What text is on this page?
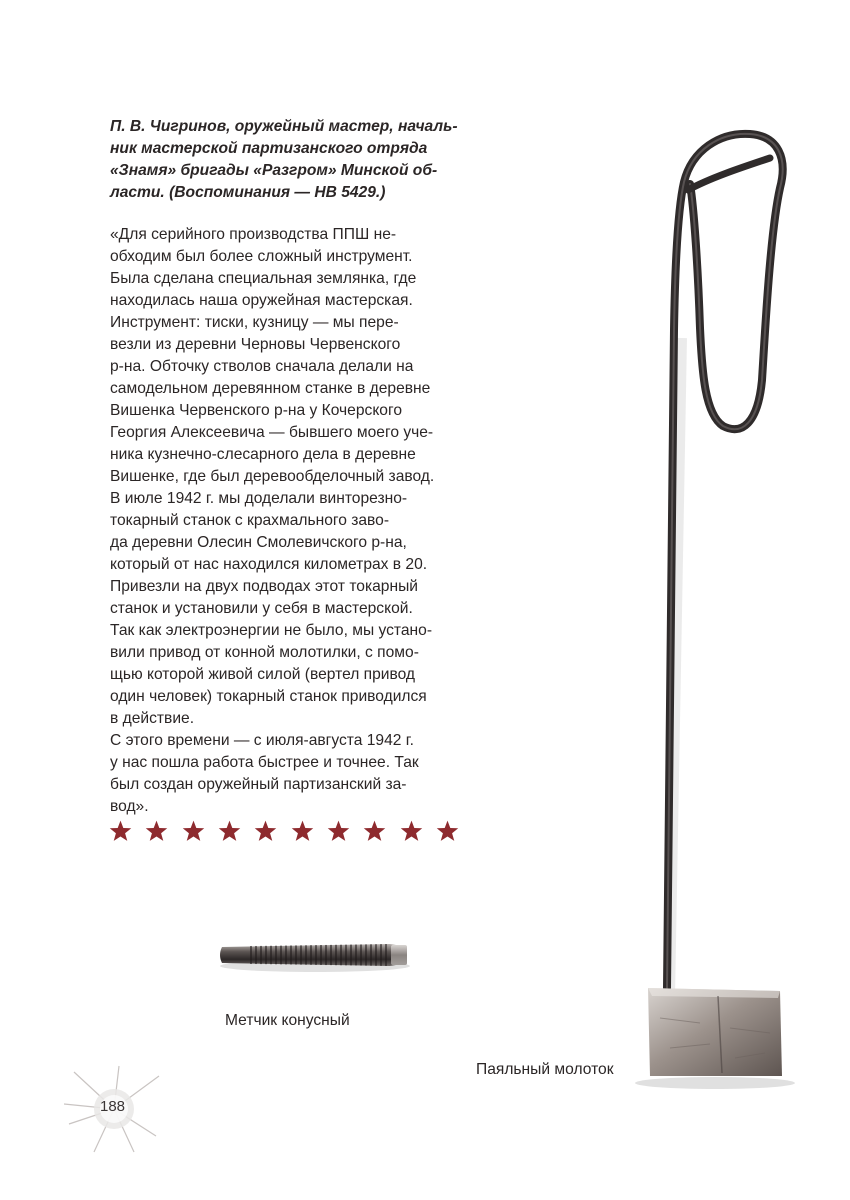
П. В. Чигринов, оружейный мастер, началь-
ник мастерской партизанского отряда
«Знамя» бригады «Разгром» Минской об-
ласти. (Воспоминания — НВ 5429.)
«Для серийного производства ППШ не-
обходим был более сложный инструмент.
Была сделана специальная землянка, где
находилась наша оружейная мастерская.
Инструмент: тиски, кузницу — мы пере-
везли из деревни Черновы Червенского
р-на. Обточку стволов сначала делали на
самодельном деревянном станке в деревне
Вишенка Червенского р-на у Кочерского
Георгия Алексеевича — бывшего моего уче-
ника кузнечно-слесарного дела в деревне
Вишенке, где был деревообделочный завод.
В июле 1942 г. мы доделали винторезно-
токарный станок с крахмального заво-
да деревни Олесин Смолевичского р-на,
который от нас находился километрах в 20.
Привезли на двух подводах этот токарный
станок и установили у себя в мастерской.
Так как электроэнергии не было, мы устано-
вили привод от конной молотилки, с помо-
щью которой живой силой (вертел привод
один человек) токарный станок приводился
в действие.
С этого времени — с июля-августа 1942 г.
у нас пошла работа быстрее и точнее. Так
был создан оружейный партизанский за-
вод».
Метчик конусный
Паяльный молоток
188
